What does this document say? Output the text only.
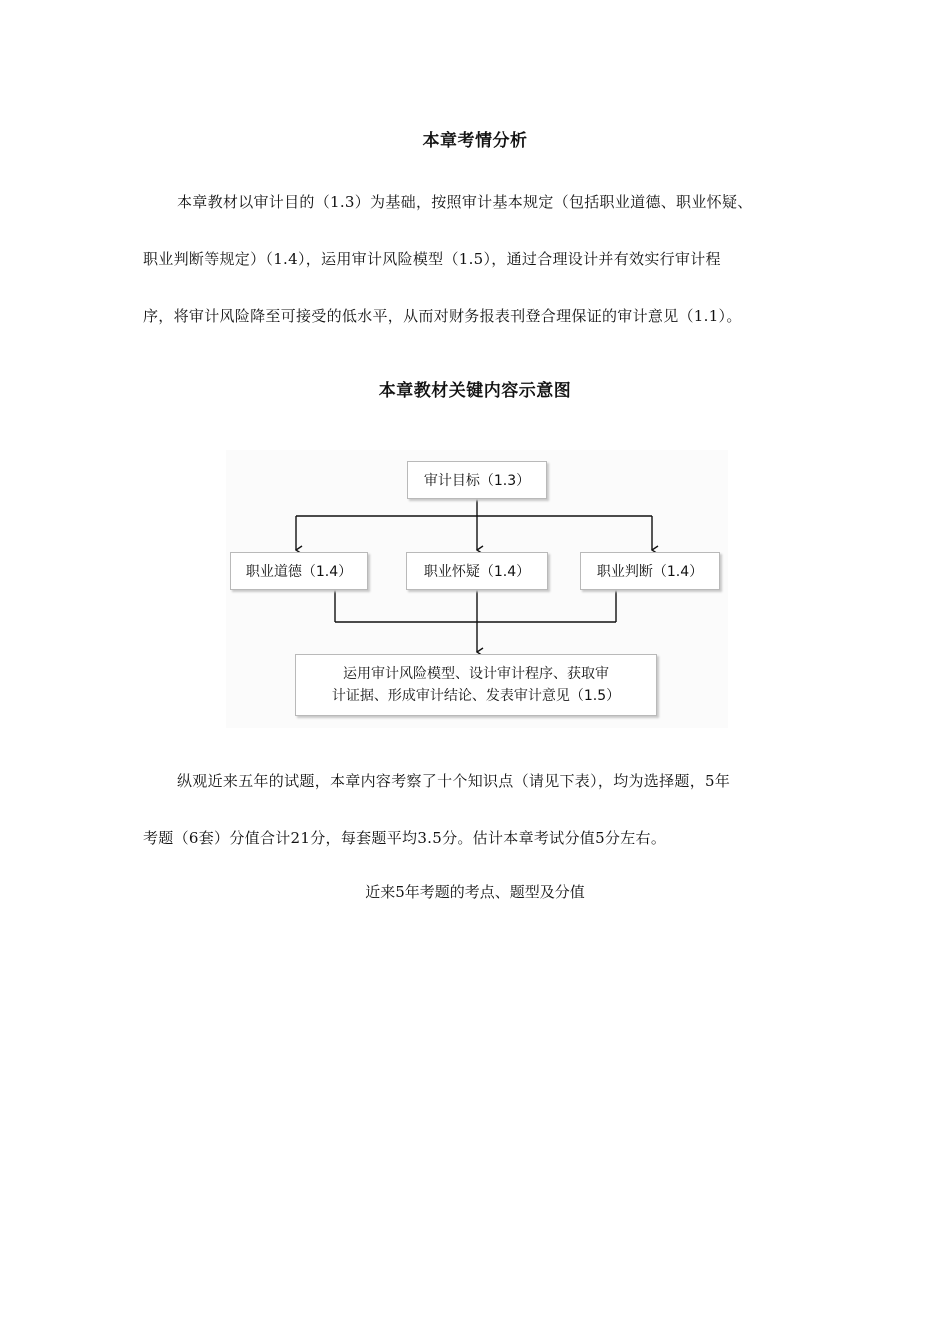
本章考情分析
本章教材以审计目的（1.3）为基础，按照审计基本规定（包括职业道德、职业怀疑、
职业判断等规定）（1.4），运用审计风险模型（1.5），通过合理设计并有效实行审计程
序，将审计风险降至可接受的低水平，从而对财务报表刊登合理保证的审计意见（1.1）。
本章教材关键内容示意图
审计目标（1.3）
职业道德（1.4）	职业怀疑（1.4）	职业判断（1.4）
运用审计风险模型、设计审计程序、获取审
计证据、形成审计结论、发表审计意见（1.5）
纵观近来五年的试题，本章内容考察了十个知识点（请见下表），均为选择题，5年
考题（6套）分值合计21分，每套题平均3.5分。估计本章考试分值5分左右。
近来5年考题的考点、题型及分值
